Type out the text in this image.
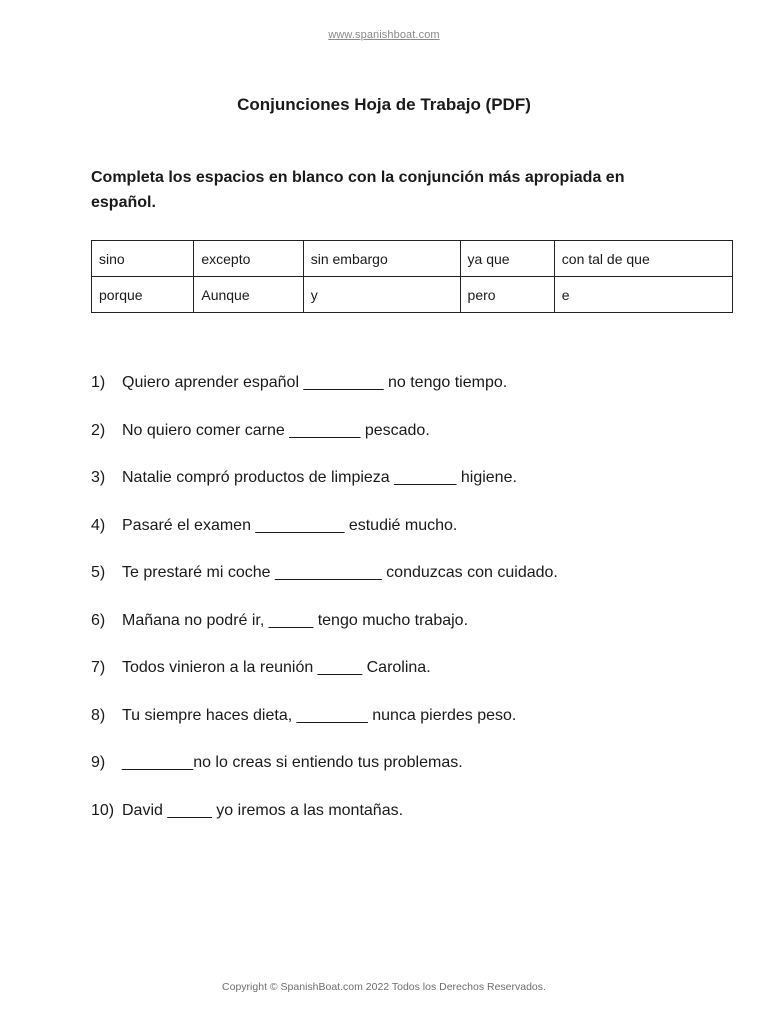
www.spanishboat.com
Conjunciones Hoja de Trabajo (PDF)
Completa los espacios en blanco con la conjunción más apropiada en español.
sino	excepto	sin embargo	ya que	con tal de que
porque	Aunque	y	pero	e
1)	Quiero aprender español _________ no tengo tiempo.
2)	No quiero comer carne ________ pescado.
3)	Natalie compró productos de limpieza _______ higiene.
4)	Pasaré el examen __________ estudié mucho.
5)	Te prestaré mi coche ____________ conduzcas con cuidado.
6)	Mañana no podré ir, _____ tengo mucho trabajo.
7)	Todos vinieron a la reunión _____ Carolina.
8)	Tu siempre haces dieta, ________ nunca pierdes peso.
9)	________no lo creas si entiendo tus problemas.
10) David _____ yo iremos a las montañas.
Copyright © SpanishBoat.com 2022 Todos los Derechos Reservados.
